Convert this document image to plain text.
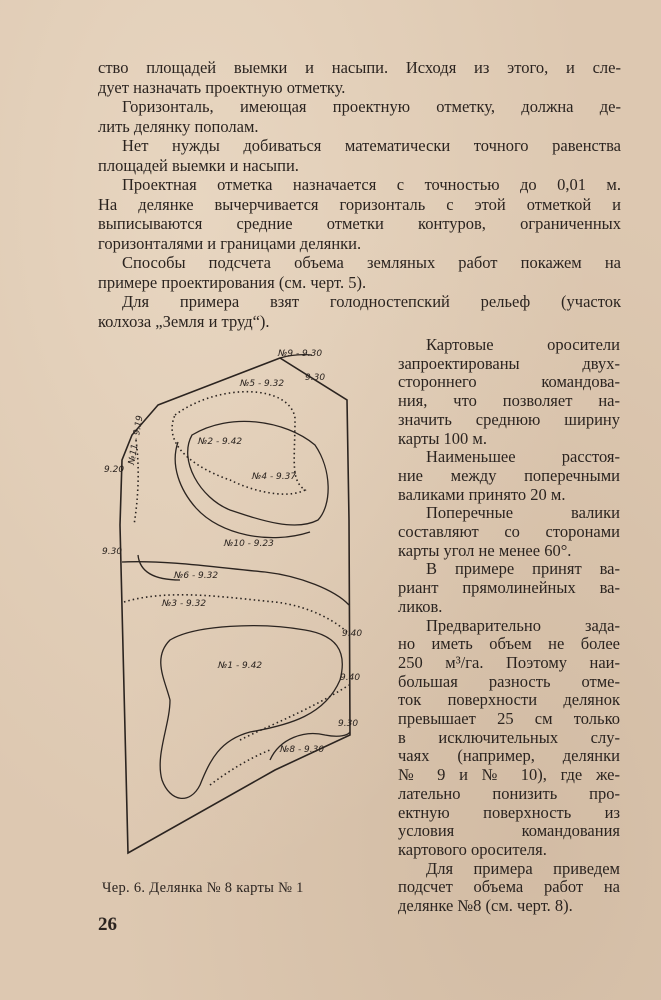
ство площадей выемки и насыпи. Исходя из этого, и сле-
дует назначать проектную отметку.
Горизонталь, имеющая проектную отметку, должна де-
лить делянку пополам.
Нет нужды добиваться математически точного равенства
площадей выемки и насыпи.
Проектная отметка назначается с точностью до 0,01 м.
На делянке вычерчивается горизонталь с этой отметкой и
выписываются средние отметки контуров, ограниченных
горизонталями и границами делянки.
Способы подсчета объема земляных работ покажем на
примере проектирования (см. черт. 5).
Для примера взят голодностепский рельеф (участок
колхоза „Земля и труд“).
Картовые оросители
запроектированы двух-
стороннего командова-
ния, что позволяет на-
значить среднюю ширину
карты 100 м.
Наименьшее расстоя-
ние между поперечными
валиками принято 20 м.
Поперечные валики
составляют со сторонами
карты угол не менее 60°.
В примере принят ва-
риант прямолинейных ва-
ликов.
Предварительно зада-
но иметь объем не более
250 м³/га. Поэтому наи-
большая разность отме-
ток поверхности делянок
превышает 25 см только
в исключительных слу-
чаях (например, делянки
№ 9 и № 10), где же-
лательно понизить про-
ектную поверхность из
условия командования
картового оросителя.
Для примера приведем
подсчет объема работ на
делянке №8 (см. черт. 8).
№9 - 9.30
9.30
№5 - 9.32
№11 - 9.19	№2 - 9.42
№4 - 9.37
9.20
№10 - 9.23
9.30
№6 - 9.32
№3 - 9.32
9.40
№1 - 9.42
9.40
9.30
№8 - 9.30
Чер. 6. Делянка № 8 карты № 1
26
